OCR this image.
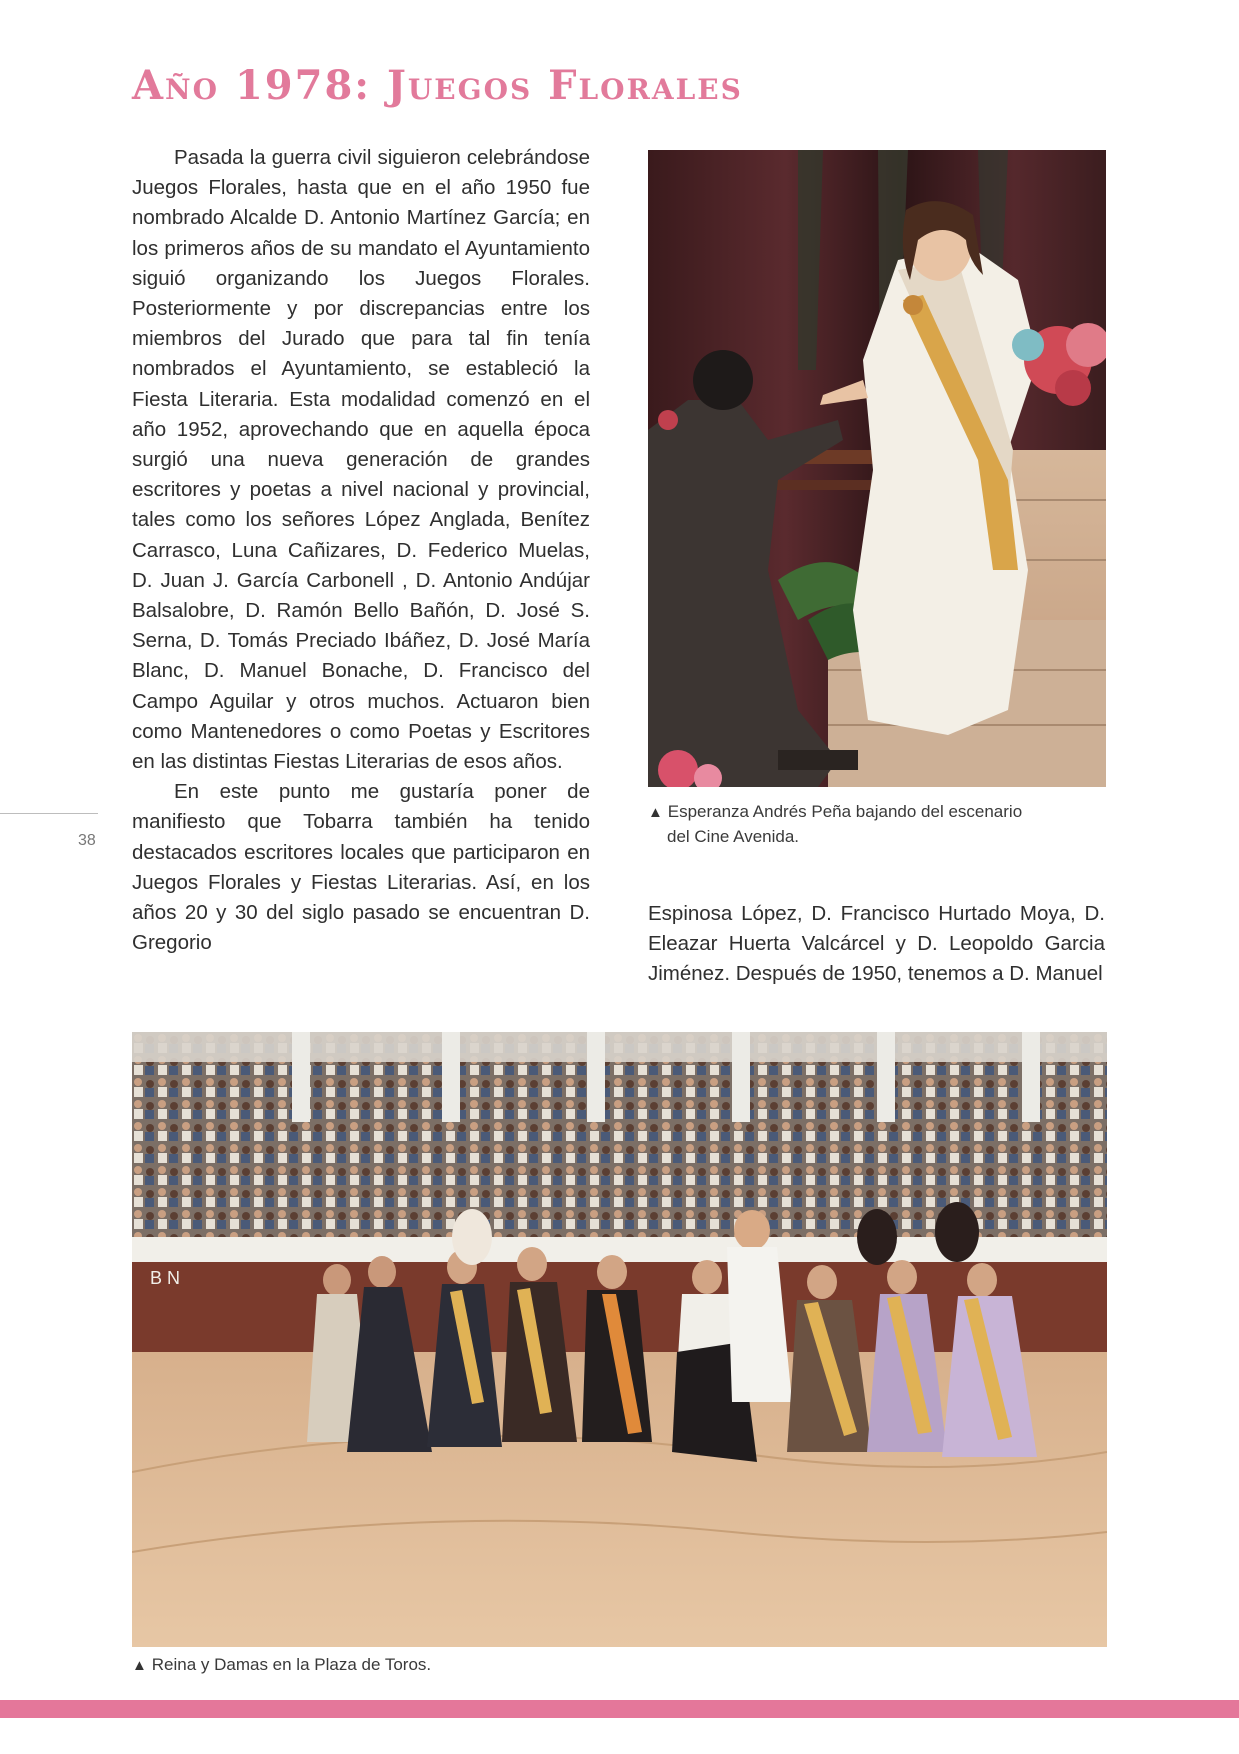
Año 1978: Juegos Florales

Pasada la guerra civil siguieron celebrándose Juegos Florales, hasta que en el año 1950 fue nombrado Alcalde D. Antonio Martínez García; en los primeros años de su mandato el Ayuntamiento siguió organizando los Juegos Florales. Posteriormente y por discrepancias entre los miembros del Jurado que para tal fin tenía nombrados el Ayuntamiento, se estableció la Fiesta Literaria. Esta modalidad comenzó en el año 1952, aprovechando que en aquella época surgió una nueva generación de grandes escritores y poetas a nivel nacional y provincial, tales como los señores López Anglada, Benítez Carrasco, Luna Cañizares, D. Federico Muelas, D. Juan J. García Carbonell , D. Antonio Andújar Balsalobre, D. Ramón Bello Bañón, D. José S. Serna, D. Tomás Preciado Ibáñez, D. José María Blanc, D. Manuel Bonache, D. Francisco del Campo Aguilar y otros muchos. Actuaron bien como Mantenedores o como Poetas y Escritores en las distintas Fiestas Literarias de esos años.

En este punto me gustaría poner de manifiesto que Tobarra también ha tenido destacados escritores locales que participaron en Juegos Florales y Fiestas Literarias. Así, en los años 20 y 30 del siglo pasado se encuentran D. Gregorio

38
▲ Esperanza Andrés Peña bajando del escenario
del Cine Avenida.

Espinosa López, D. Francisco Hurtado Moya, D. Eleazar Huerta Valcárcel y D. Leopoldo Garcia Jiménez. Después de 1950, tenemos a D. Manuel

B N
▲ Reina y Damas en la Plaza de Toros.
